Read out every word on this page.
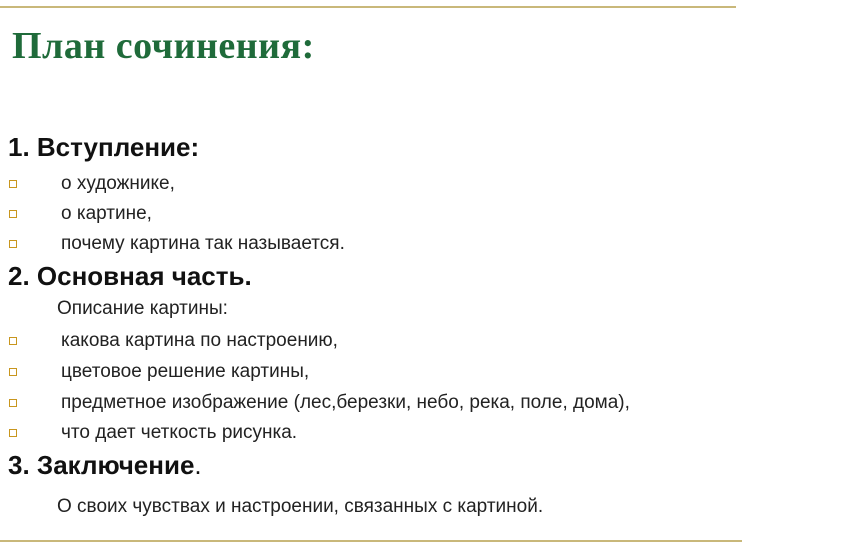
План сочинения:
1. Вступление:
о художнике,
о картине,
почему картина так называется.
2. Основная часть.
Описание картины:
какова картина по настроению,
цветовое решение картины,
предметное изображение (лес,березки, небо, река, поле, дома),
что дает четкость рисунка.
3. Заключение.
О своих чувствах и настроении, связанных с картиной.
